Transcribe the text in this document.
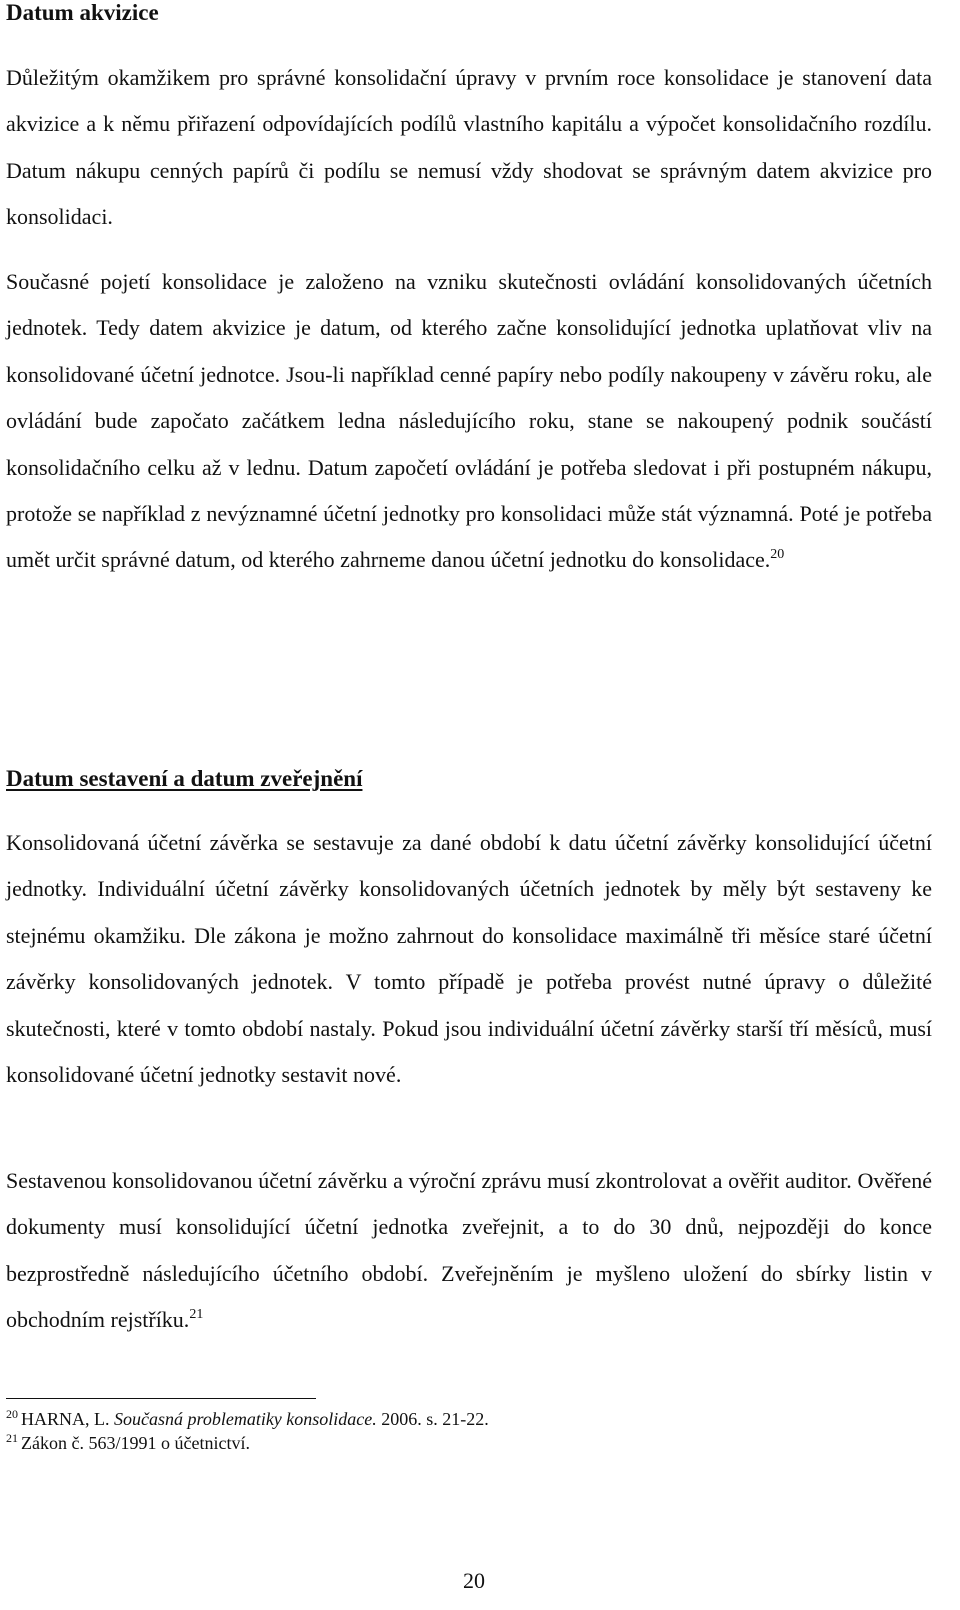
Datum akvizice

Důležitým okamžikem pro správné konsolidační úpravy v prvním roce konsolidace je stanovení data akvizice a k němu přiřazení odpovídajících podílů vlastního kapitálu a výpočet konsolidačního rozdílu. Datum nákupu cenných papírů či podílu se nemusí vždy shodovat se správným datem akvizice pro konsolidaci.

Současné pojetí konsolidace je založeno na vzniku skutečnosti ovládání konsolidovaných účetních jednotek. Tedy datem akvizice je datum, od kterého začne konsolidující jednotka uplatňovat vliv na konsolidované účetní jednotce. Jsou-li například cenné papíry nebo podíly nakoupeny v závěru roku, ale ovládání bude započato začátkem ledna následujícího roku, stane se nakoupený podnik součástí konsolidačního celku až v lednu. Datum započetí ovládání je potřeba sledovat i při postupném nákupu, protože se například z nevýznamné účetní jednotky pro konsolidaci může stát významná. Poté je potřeba umět určit správné datum, od kterého zahrneme danou účetní jednotku do konsolidace.$^{20}$

Datum sestavení a datum zveřejnění

Konsolidovaná účetní závěrka se sestavuje za dané období k datu účetní závěrky konsolidující účetní jednotky. Individuální účetní závěrky konsolidovaných účetních jednotek by měly být sestaveny ke stejnému okamžiku. Dle zákona je možno zahrnout do konsolidace maximálně tři měsíce staré účetní závěrky konsolidovaných jednotek. V tomto případě je potřeba provést nutné úpravy o důležité skutečnosti, které v tomto období nastaly. Pokud jsou individuální účetní závěrky starší tří měsíců, musí konsolidované účetní jednotky sestavit nové.

Sestavenou konsolidovanou účetní závěrku a výroční zprávu musí zkontrolovat a ověřit auditor. Ověřené dokumenty musí konsolidující účetní jednotka zveřejnit, a to do 30 dnů, nejpozději do konce bezprostředně následujícího účetního období. Zveřejněním je myšleno uložení do sbírky listin v obchodním rejstříku.$^{21}$

$^{20}$ HARNA, L. Současná problematiky konsolidace. 2006. s. 21-22.

$^{21}$ Zákon č. 563/1991 o účetnictví.

20
